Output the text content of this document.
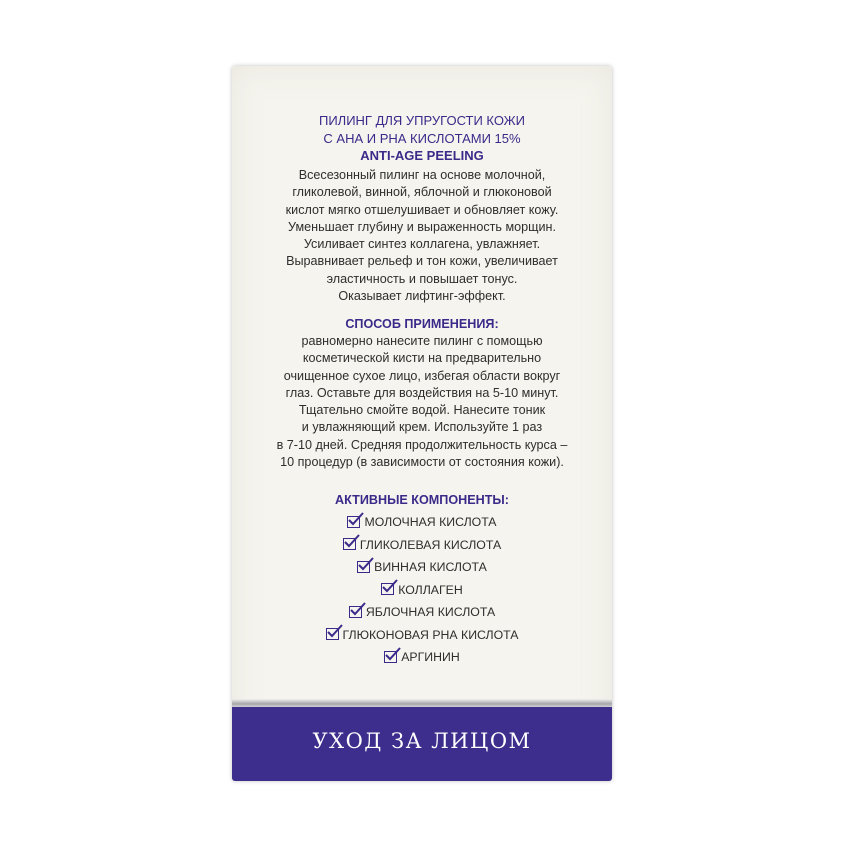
ПИЛИНГ ДЛЯ УПРУГОСТИ КОЖИ
С АНА И РНА КИСЛОТАМИ 15%
ANTI-AGE PEELING
Всесезонный пилинг на основе молочной,
гликолевой, винной, яблочной и глюконовой
кислот мягко отшелушивает и обновляет кожу.
Уменьшает глубину и выраженность морщин.
Усиливает синтез коллагена, увлажняет.
Выравнивает рельеф и тон кожи, увеличивает
эластичность и повышает тонус.
Оказывает лифтинг-эффект.
СПОСОБ ПРИМЕНЕНИЯ:
равномерно нанесите пилинг с помощью
косметической кисти на предварительно
очищенное сухое лицо, избегая области вокруг
глаз. Оставьте для воздействия на 5-10 минут.
Тщательно смойте водой. Нанесите тоник
и увлажняющий крем. Используйте 1 раз
в 7-10 дней. Средняя продолжительность курса –
10 процедур (в зависимости от состояния кожи).
АКТИВНЫЕ КОМПОНЕНТЫ:
МОЛОЧНАЯ КИСЛОТА
ГЛИКОЛЕВАЯ КИСЛОТА
ВИННАЯ КИСЛОТА
КОЛЛАГЕН
ЯБЛОЧНАЯ КИСЛОТА
ГЛЮКОНОВАЯ РНА КИСЛОТА
АРГИНИН
УХОД ЗА ЛИЦОМ
